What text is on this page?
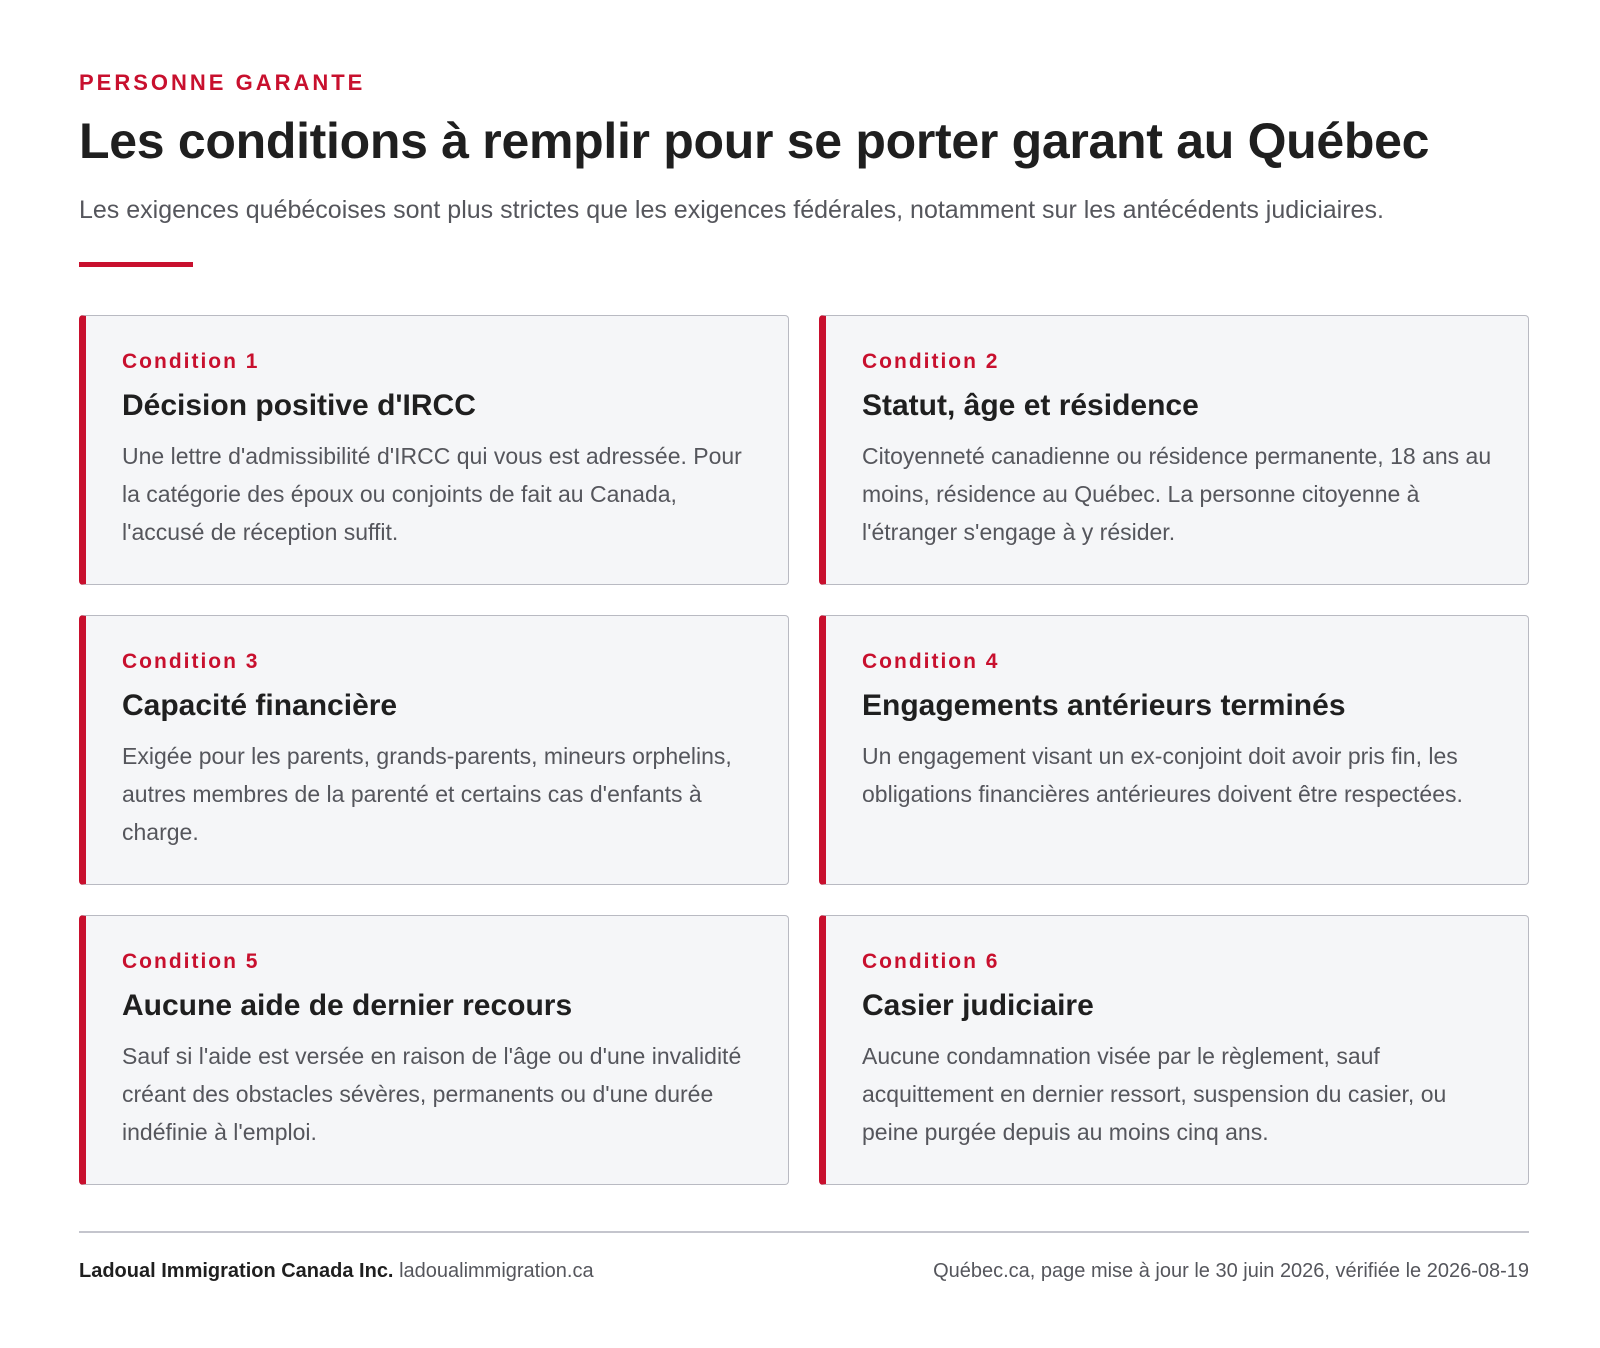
PERSONNE GARANTE
Les conditions à remplir pour se porter garant au Québec

Les exigences québécoises sont plus strictes que les exigences fédérales, notamment sur les antécédents judiciaires.

Condition 1
Décision positive d'IRCC
Une lettre d'admissibilité d'IRCC qui vous est adressée. Pour la catégorie des époux ou conjoints de fait au Canada, l'accusé de réception suffit.
Condition 2
Statut, âge et résidence
Citoyenneté canadienne ou résidence permanente, 18 ans au moins, résidence au Québec. La personne citoyenne à l'étranger s'engage à y résider.
Condition 3
Capacité financière
Exigée pour les parents, grands-parents, mineurs orphelins, autres membres de la parenté et certains cas d'enfants à charge.
Condition 4
Engagements antérieurs terminés
Un engagement visant un ex-conjoint doit avoir pris fin, les obligations financières antérieures doivent être respectées.
Condition 5
Aucune aide de dernier recours
Sauf si l'aide est versée en raison de l'âge ou d'une invalidité créant des obstacles sévères, permanents ou d'une durée indéfinie à l'emploi.
Condition 6
Casier judiciaire
Aucune condamnation visée par le règlement, sauf acquittement en dernier ressort, suspension du casier, ou peine purgée depuis au moins cinq ans.
Ladoual Immigration Canada Inc. ladoualimmigration.ca	Québec.ca, page mise à jour le 30 juin 2026, vérifiée le 2026-08-19
